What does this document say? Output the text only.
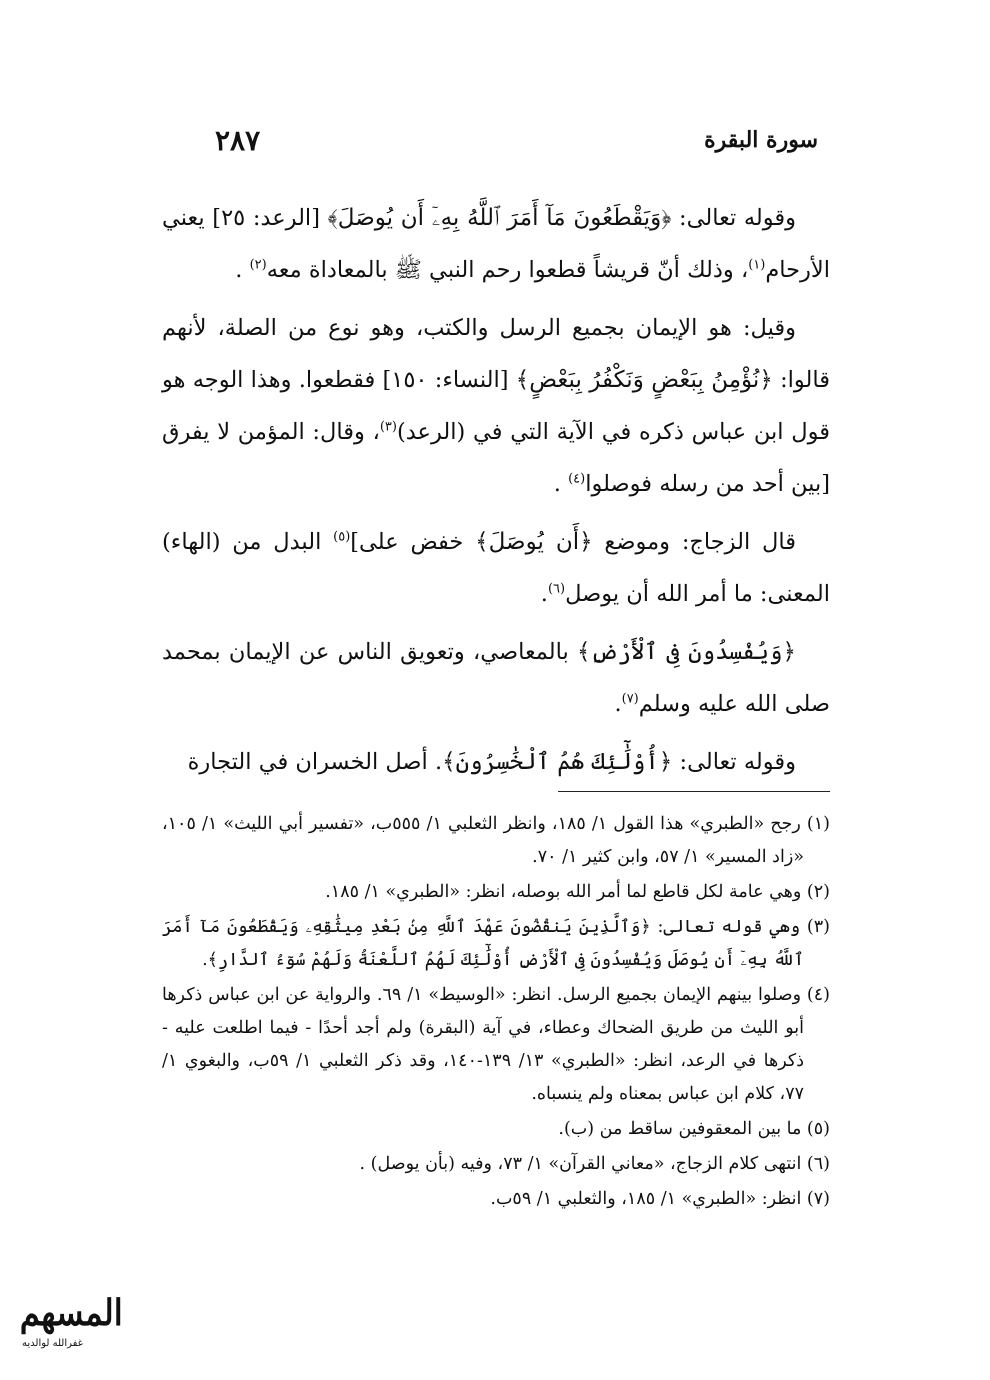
سورة البقرة
٢٨٧

وقوله تعالى: ﴿وَيَقْطَعُونَ مَآ أَمَرَ ٱللَّهُ بِهِۦٓ أَن يُوصَلَ﴾ [الرعد: ٢٥] يعني الأرحام$^{(١)}$، وذلك أنّ قريشاً قطعوا رحم النبي ﷺ بالمعاداة معه$^{(٢)}$ .

وقيل: هو الإيمان بجميع الرسل والكتب، وهو نوع من الصلة، لأنهم قالوا: ﴿نُؤْمِنُ بِبَعْضٍ وَنَكْفُرُ بِبَعْضٍ﴾ [النساء: ١٥٠] فقطعوا. وهذا الوجه هو قول ابن عباس ذكره في الآية التي في (الرعد)$^{(٣)}$، وقال: المؤمن لا يفرق [بين أحد من رسله فوصلوا$^{(٤)}$ .

قال الزجاج: وموضع ﴿أَن يُوصَلَ﴾ خفض على]$^{(٥)}$ البدل من (الهاء) المعنى: ما أمر الله أن يوصل$^{(٦)}$.

﴿وَيُفْسِدُونَ فِى ٱلْأَرْضِ﴾ بالمعاصي، وتعويق الناس عن الإيمان بمحمد صلى الله عليه وسلم$^{(٧)}$.

وقوله تعالى: ﴿أُوْلَٰٓئِكَ هُمُ ٱلْخَٰسِرُونَ﴾. أصل الخسران في التجارة

(١) رجح «الطبري» هذا القول ١/ ١٨٥، وانظر الثعلبي ١/ ٥٥٥ب، «تفسير أبي الليث» ١/ ١٠٥، «زاد المسير» ١/ ٥٧، وابن كثير ١/ ٧٠.

(٢) وهي عامة لكل قاطع لما أمر الله بوصله، انظر: «الطبري» ١/ ١٨٥.

(٣) وهي قوله تعالى: ﴿وَٱلَّذِينَ يَنقُضُونَ عَهْدَ ٱللَّهِ مِنۢ بَعْدِ مِيثَٰقِهِۦ وَيَقْطَعُونَ مَآ أَمَرَ ٱللَّهُ بِهِۦٓ أَن يُوصَلَ وَيُفْسِدُونَ فِى ٱلْأَرْضِ أُوْلَٰٓئِكَ لَهُمُ ٱللَّعْنَةُ وَلَهُمْ سُوٓءُ ٱلدَّارِ﴾.

(٤) وصلوا بينهم الإيمان بجميع الرسل. انظر: «الوسيط» ١/ ٦٩. والرواية عن ابن عباس ذكرها أبو الليث من طريق الضحاك وعطاء، في آية (البقرة) ولم أجد أحدًا - فيما اطلعت عليه - ذكرها في الرعد، انظر: «الطبري» ١٣/ ١٣٩-١٤٠، وقد ذكر الثعلبي ١/ ٥٩ب، والبغوي ١/ ٧٧، كلام ابن عباس بمعناه ولم ينسباه.

(٥) ما بين المعقوفين ساقط من (ب).

(٦) انتهى كلام الزجاج، «معاني القرآن» ١/ ٧٣، وفيه (بأن يوصل) .

(٧) انظر: «الطبري» ١/ ١٨٥، والثعلبي ١/ ٥٩ب.

المسهم
غفرالله لوالديه
